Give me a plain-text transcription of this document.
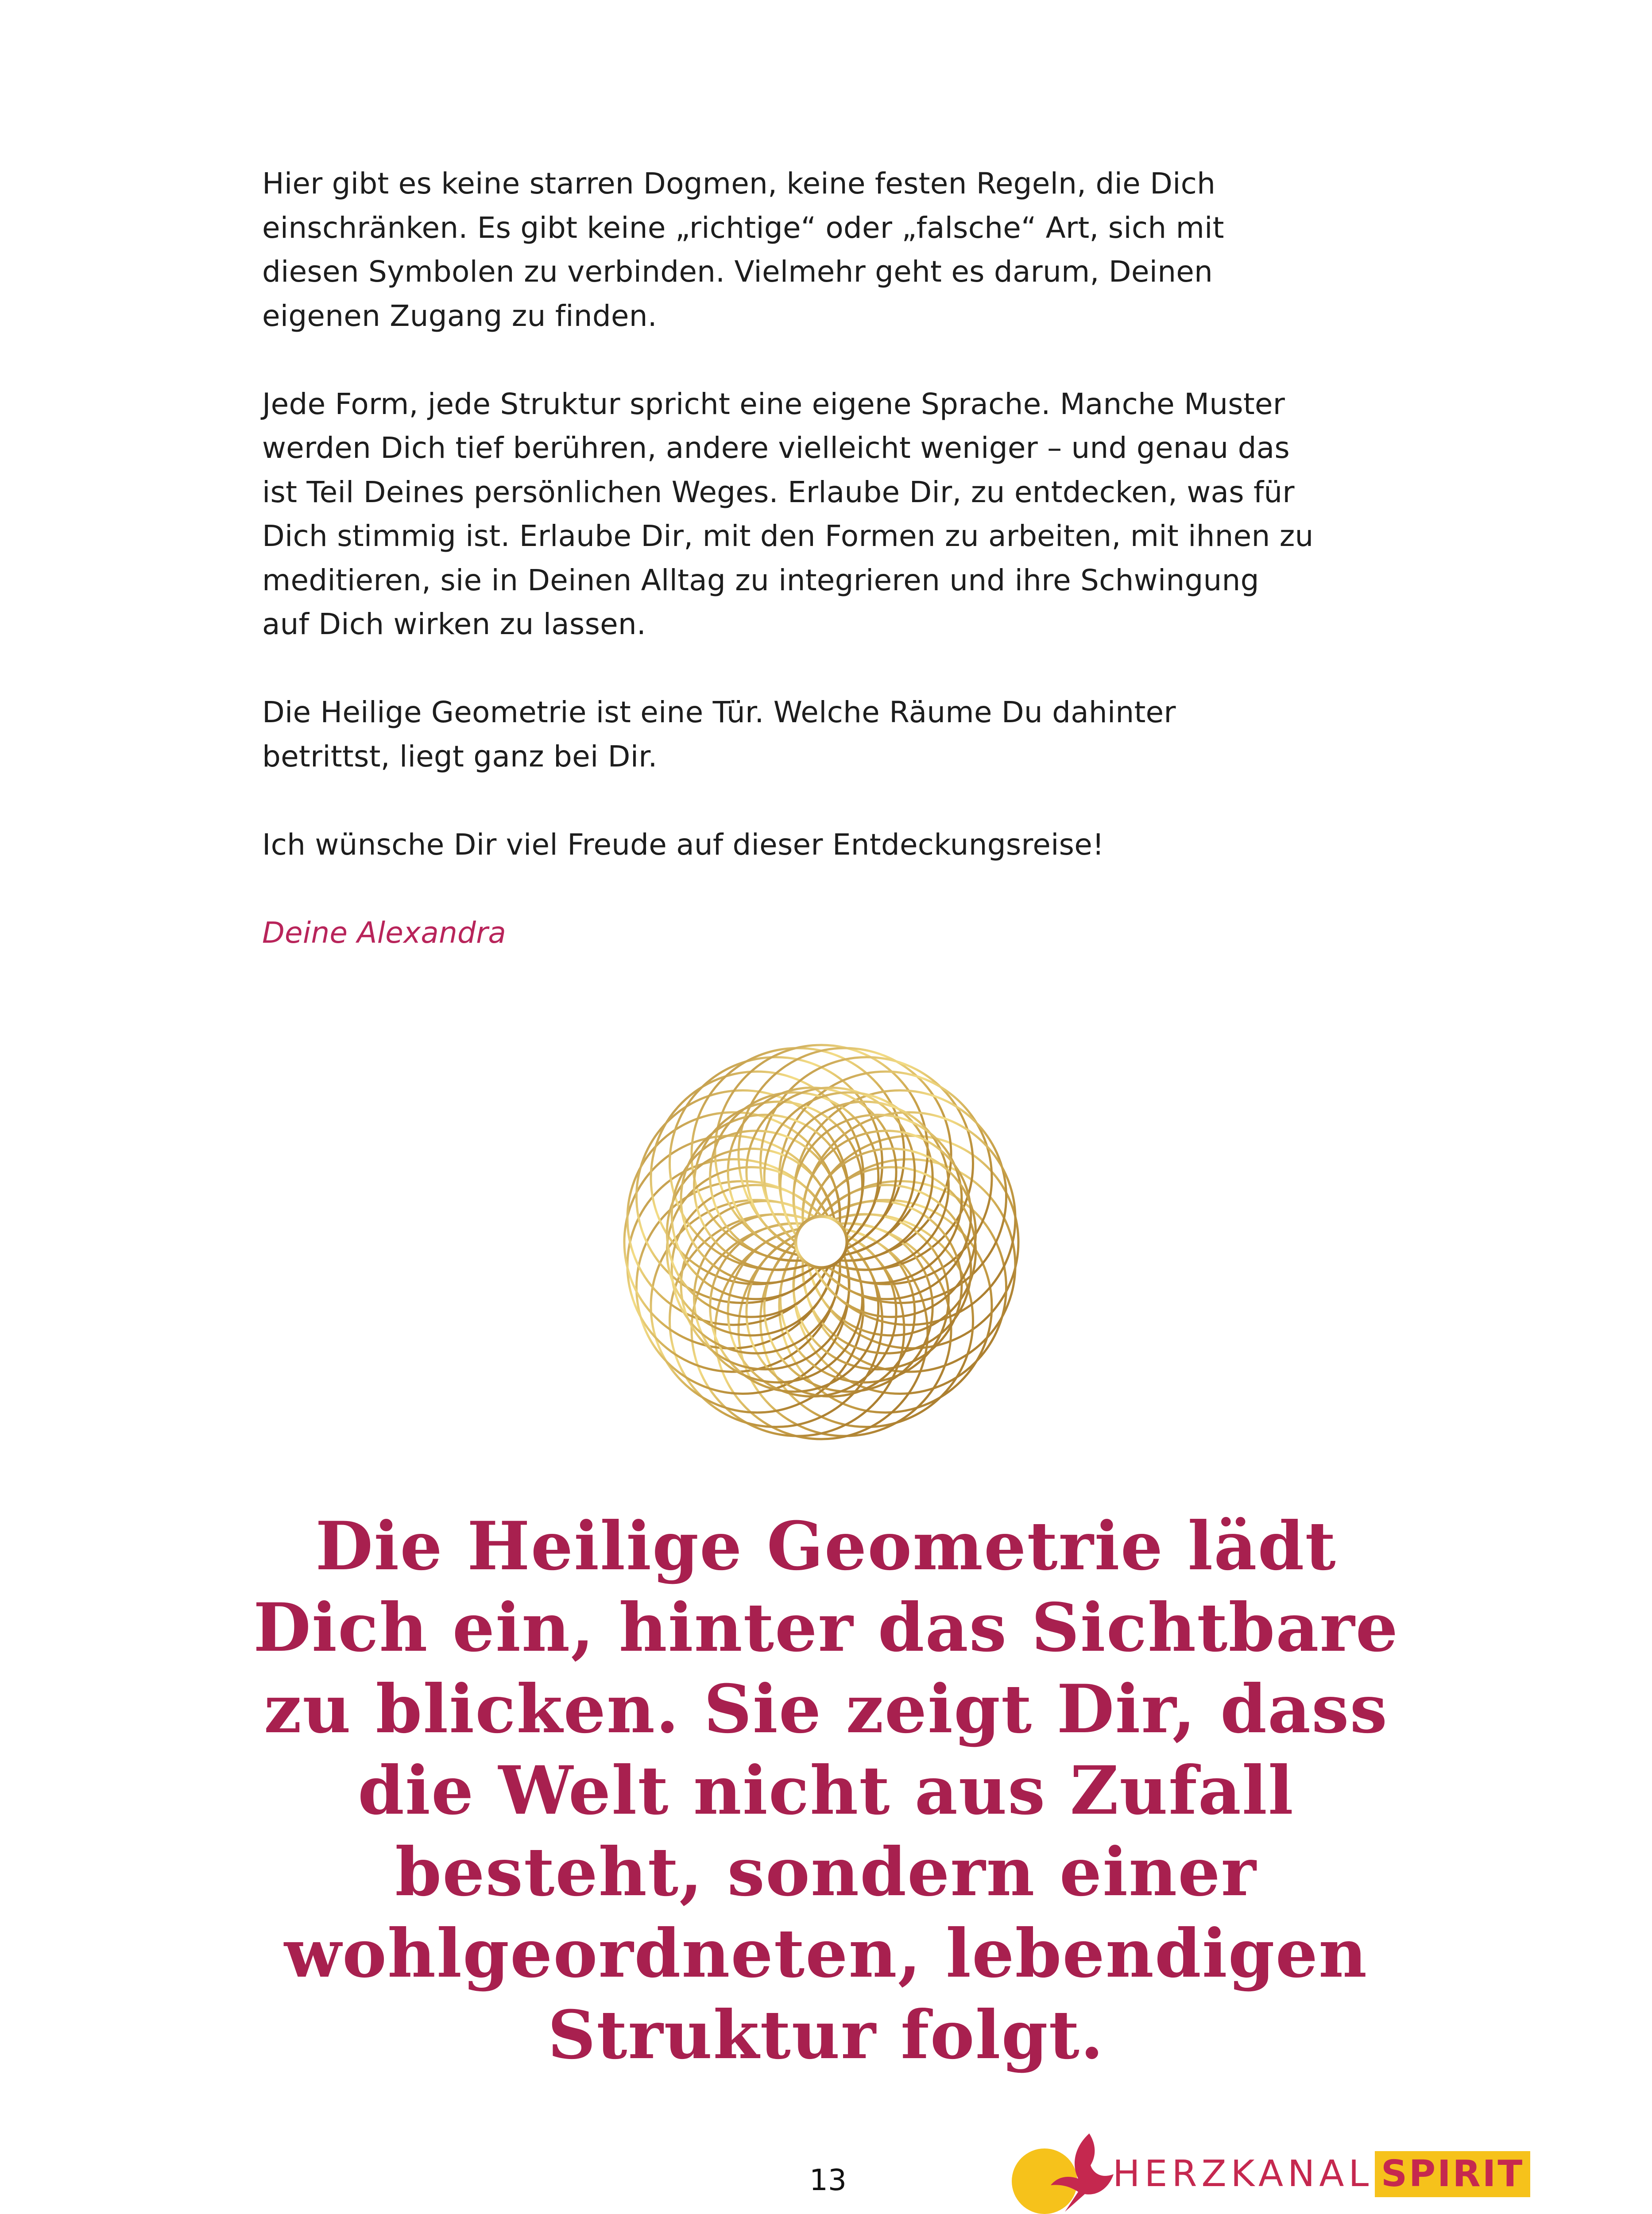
Hier gibt es keine starren Dogmen, keine festen Regeln, die Dich
einschränken. Es gibt keine „richtige“ oder „falsche“ Art, sich mit
diesen Symbolen zu verbinden. Vielmehr geht es darum, Deinen
eigenen Zugang zu finden.

Jede Form, jede Struktur spricht eine eigene Sprache. Manche Muster
werden Dich tief berühren, andere vielleicht weniger – und genau das
ist Teil Deines persönlichen Weges. Erlaube Dir, zu entdecken, was für
Dich stimmig ist. Erlaube Dir, mit den Formen zu arbeiten, mit ihnen zu
meditieren, sie in Deinen Alltag zu integrieren und ihre Schwingung
auf Dich wirken zu lassen.

Die Heilige Geometrie ist eine Tür. Welche Räume Du dahinter
betrittst, liegt ganz bei Dir.

Ich wünsche Dir viel Freude auf dieser Entdeckungsreise!

Deine Alexandra

Die Heilige Geometrie lädt
Dich ein, hinter das Sichtbare
zu blicken. Sie zeigt Dir, dass
die Welt nicht aus Zufall
besteht, sondern einer
wohlgeordneten, lebendigen
Struktur folgt.
13	HERZKANAL SPIRIT
